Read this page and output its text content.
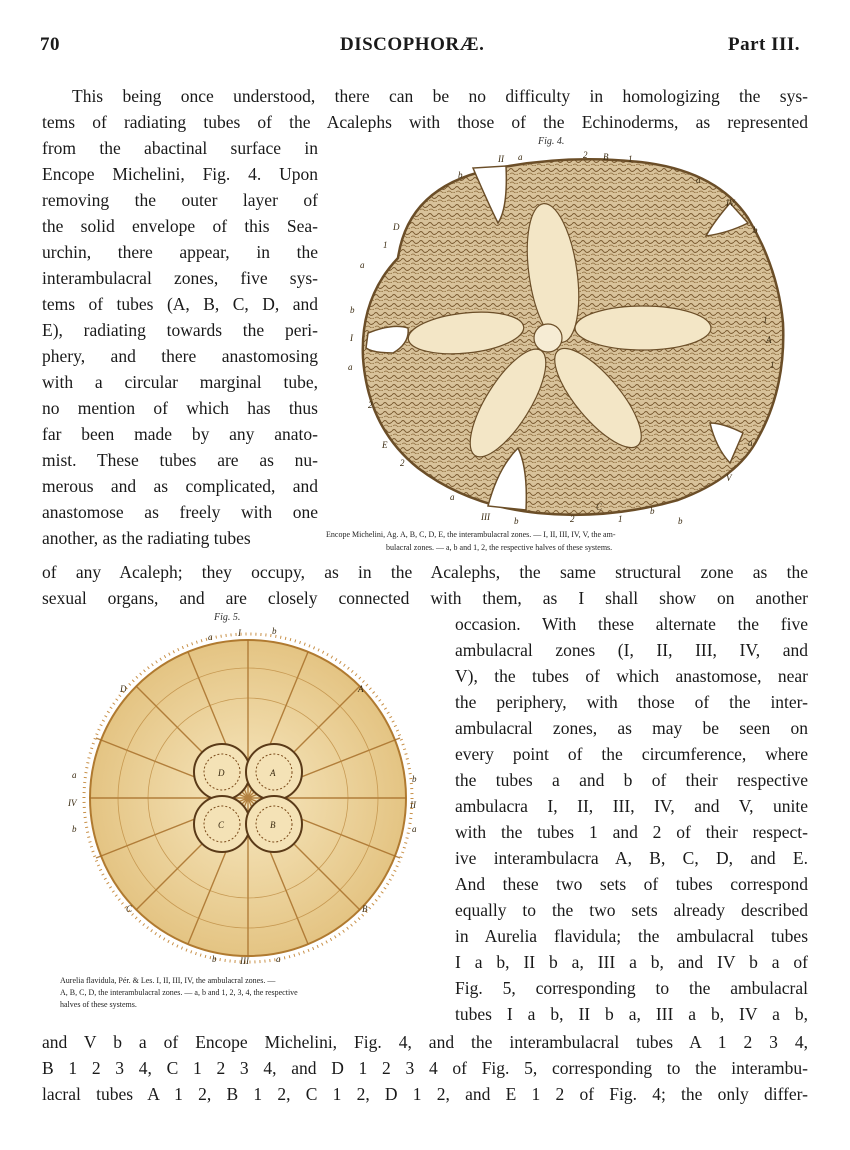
70	DISCOPHORÆ.	Part III.
This being once understood, there can be no difficulty in homologizing the sys-
tems of radiating tubes of the Acalephs with those of the Echinoderms, as represented
from the abactinal surface in
Encope Michelini, Fig. 4. Upon
removing the outer layer of
the solid envelope of this Sea-
urchin, there appear, in the
interambulacral zones, five sys-
tems of tubes (A, B, C, D, and
E), radiating towards the peri-
phery, and there anastomosing
with a circular marginal tube,
no mention of which has thus
far been made by any anato-
mist. These tubes are as nu-
merous and as complicated, and
anastomose as freely with one
another, as the radiating tubes
Fig. 4.
II a	2 B 1
b	a
IV
D
1
b
I
a
b
A
1
E
2
a
V
a
III	b	2
C
1
b
a
2
1
b
Encope Michelini, Ag. A, B, C, D, E, the interambulacral zones. — I, II, III, IV, V, the am-
bulacral zones. — a, b and 1, 2, the respective halves of these systems.
of any Acaleph; they occupy, as in the Acalephs, the same structural zone as the
sexual organs, and are closely connected with them, as I shall show on another
Fig. 5.
a	I	b
D	A
a
IV
b
b
II
a
C	B
b	III	a
D	A
C	B
Aurelia flavidula, Pér. & Les. I, II, III, IV, the ambulacral zones. —
A, B, C, D, the interambulacral zones. — a, b and 1, 2, 3, 4, the respective
halves of these systems.
occasion. With these alternate the five
ambulacral zones (I, II, III, IV, and
V), the tubes of which anastomose, near
the periphery, with those of the inter-
ambulacral zones, as may be seen on
every point of the circumference, where
the tubes a and b of their respective
ambulacra I, II, III, IV, and V, unite
with the tubes 1 and 2 of their respect-
ive interambulacra A, B, C, D, and E.
And these two sets of tubes correspond
equally to the two sets already described
in Aurelia flavidula; the ambulacral tubes
I a b, II b a, III a b, and IV b a of
Fig. 5, corresponding to the ambulacral
tubes I a b, II b a, III a b, IV a b,
and V b a of Encope Michelini, Fig. 4, and the interambulacral tubes A 1 2 3 4,
B 1 2 3 4, C 1 2 3 4, and D 1 2 3 4 of Fig. 5, corresponding to the interambu-
lacral tubes A 1 2, B 1 2, C 1 2, D 1 2, and E 1 2 of Fig. 4; the only differ-
